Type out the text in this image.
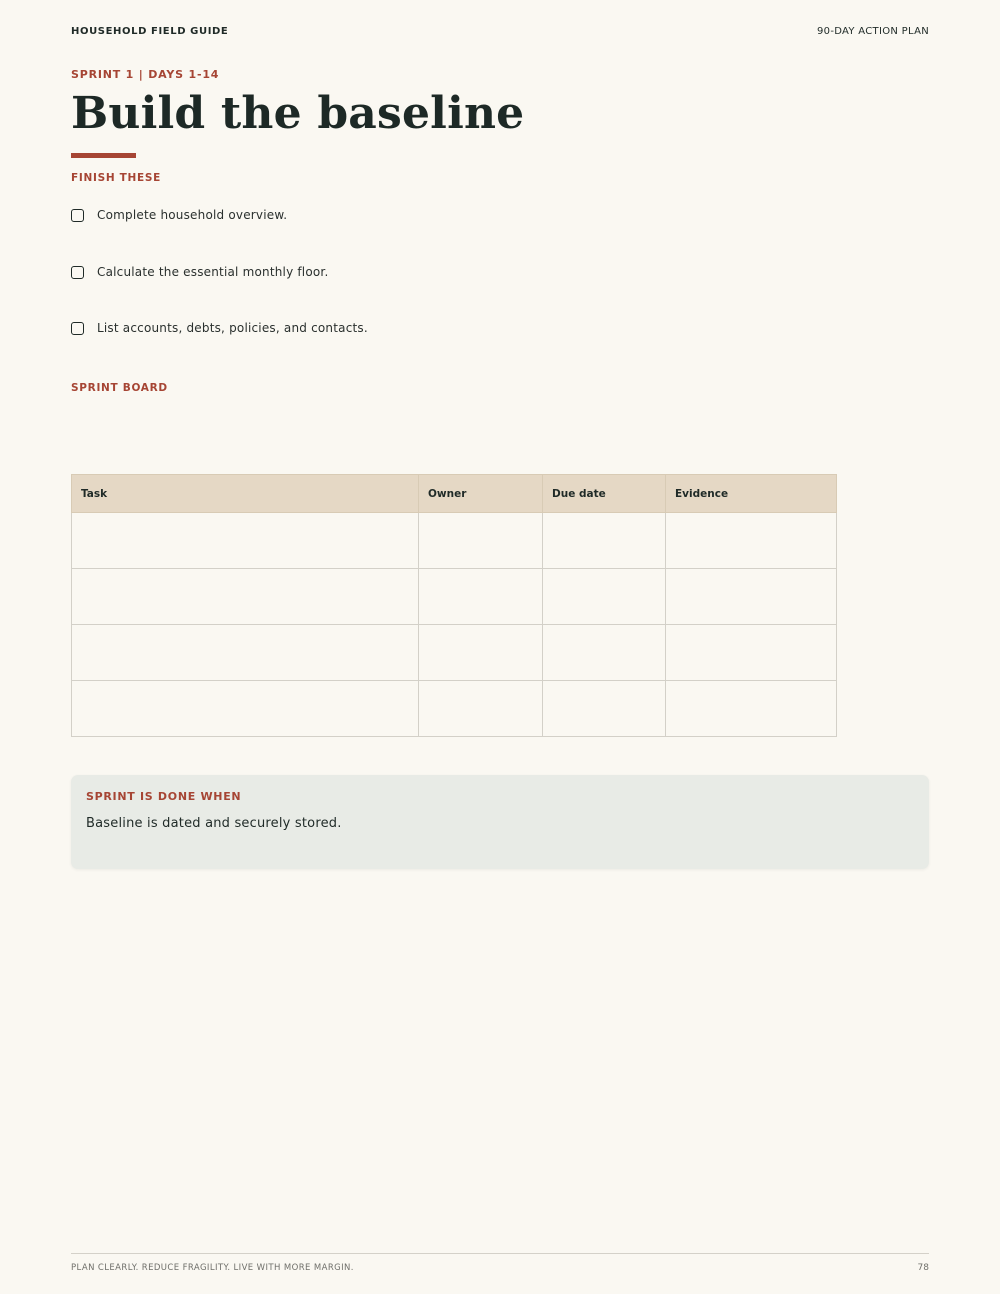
HOUSEHOLD FIELD GUIDE	90-DAY ACTION PLAN
SPRINT 1 | DAYS 1-14
Build the baseline
FINISH THESE
Complete household overview.
Calculate the essential monthly floor.
List accounts, debts, policies, and contacts.
SPRINT BOARD
Task	Owner	Due date	Evidence

SPRINT IS DONE WHEN
Baseline is dated and securely stored.
PLAN CLEARLY. REDUCE FRAGILITY. LIVE WITH MORE MARGIN.	78
